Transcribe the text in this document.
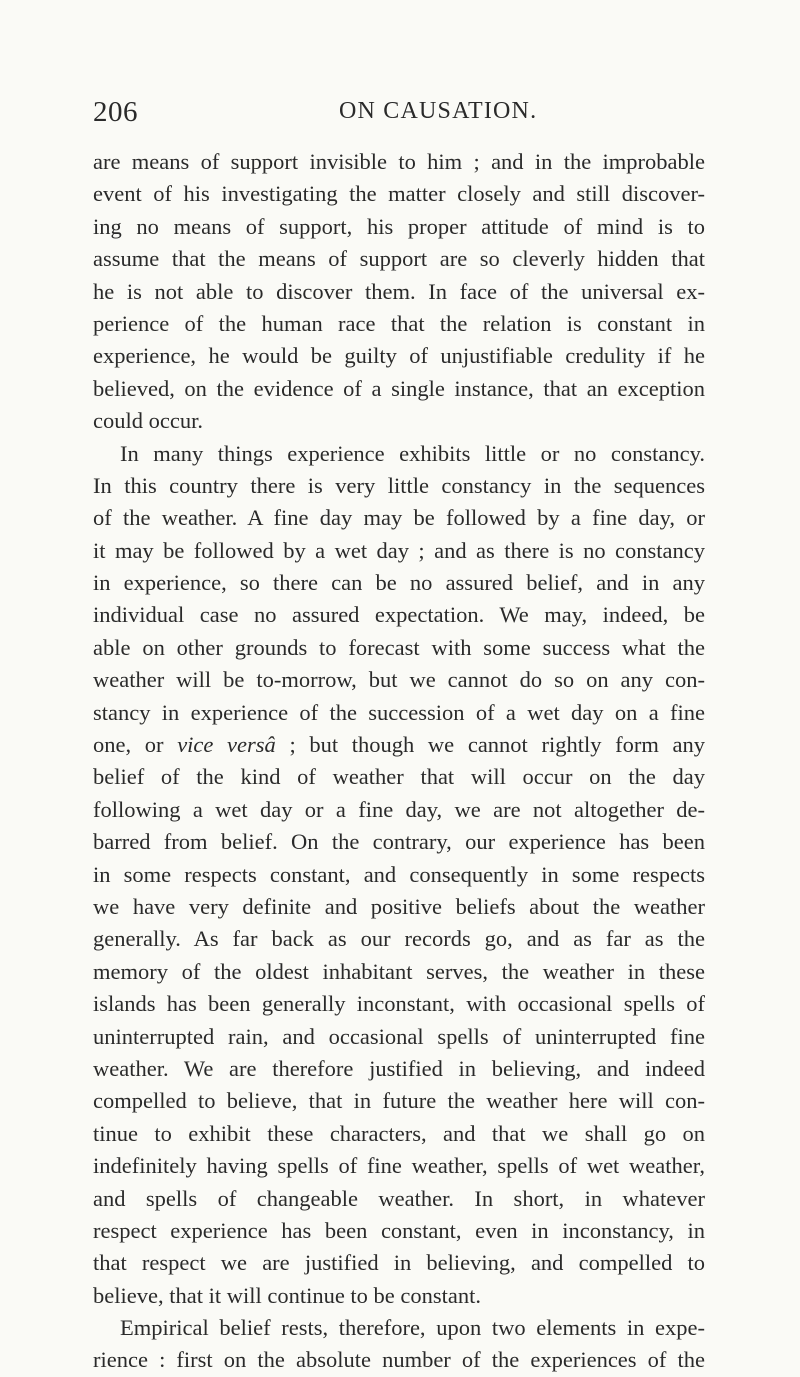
206	ON CAUSATION.
are means of support invisible to him ; and in the improbable
event of his investigating the matter closely and still discover-
ing no means of support, his proper attitude of mind is to
assume that the means of support are so cleverly hidden that
he is not able to discover them. In face of the universal ex-
perience of the human race that the relation is constant in
experience, he would be guilty of unjustifiable credulity if he
believed, on the evidence of a single instance, that an exception
could occur.
In many things experience exhibits little or no constancy.
In this country there is very little constancy in the sequences
of the weather. A fine day may be followed by a fine day, or
it may be followed by a wet day ; and as there is no constancy
in experience, so there can be no assured belief, and in any
individual case no assured expectation. We may, indeed, be
able on other grounds to forecast with some success what the
weather will be to-morrow, but we cannot do so on any con-
stancy in experience of the succession of a wet day on a fine
one, or vice versâ ; but though we cannot rightly form any
belief of the kind of weather that will occur on the day
following a wet day or a fine day, we are not altogether de-
barred from belief. On the contrary, our experience has been
in some respects constant, and consequently in some respects
we have very definite and positive beliefs about the weather
generally. As far back as our records go, and as far as the
memory of the oldest inhabitant serves, the weather in these
islands has been generally inconstant, with occasional spells of
uninterrupted rain, and occasional spells of uninterrupted fine
weather. We are therefore justified in believing, and indeed
compelled to believe, that in future the weather here will con-
tinue to exhibit these characters, and that we shall go on
indefinitely having spells of fine weather, spells of wet weather,
and spells of changeable weather. In short, in whatever
respect experience has been constant, even in inconstancy, in
that respect we are justified in believing, and compelled to
believe, that it will continue to be constant.
Empirical belief rests, therefore, upon two elements in expe-
rience : first on the absolute number of the experiences of the
